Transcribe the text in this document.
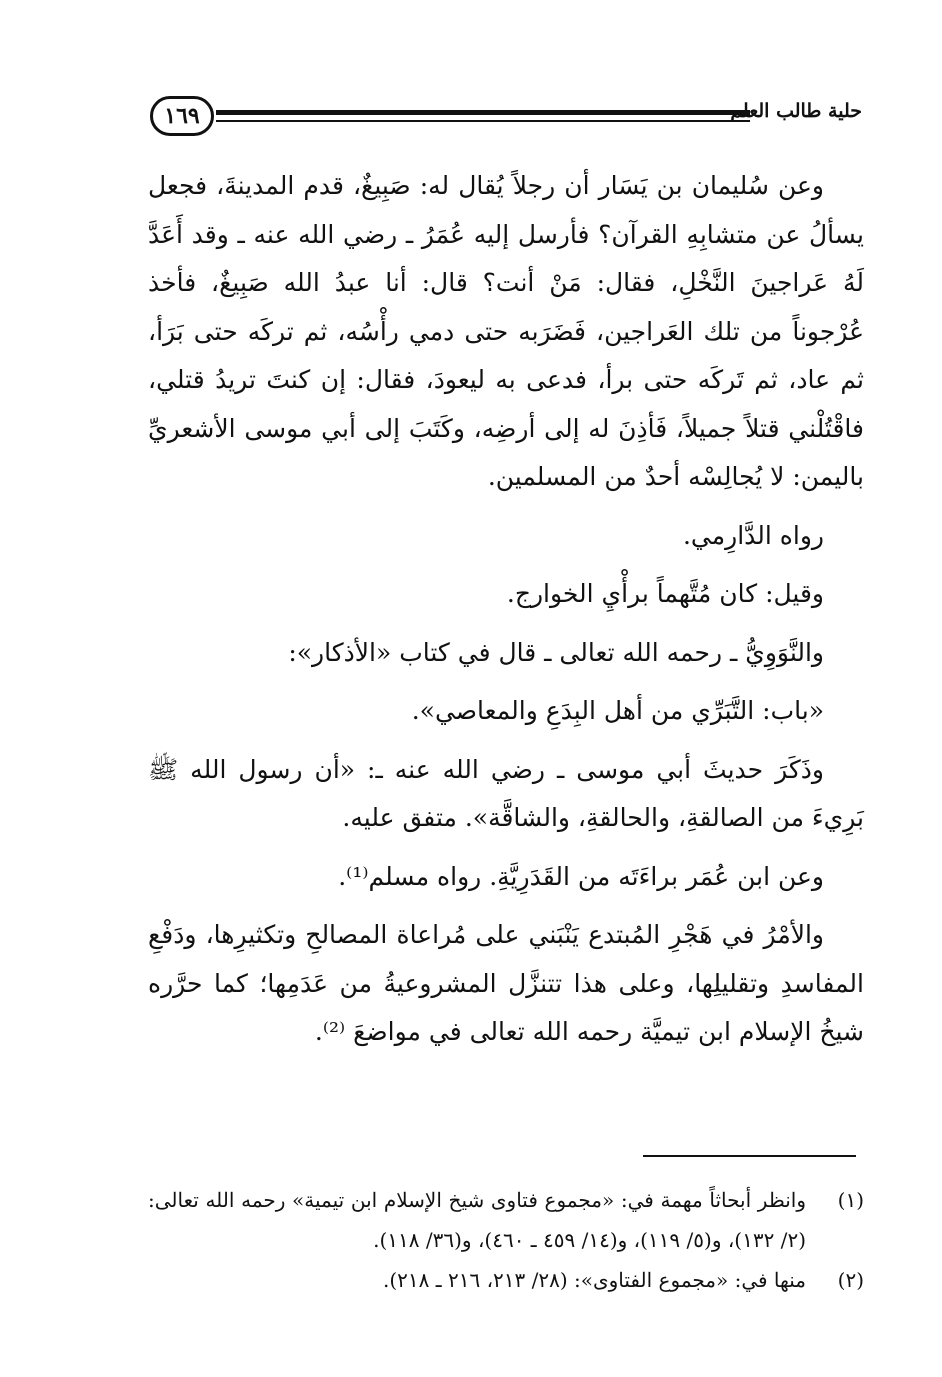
١٦٩	حلية طالب العلم

وعن سُليمان بن يَسَار أن رجلاً يُقال له: صَبِيغٌ، قدم المدينةَ، فجعل يسألُ عن متشابِهِ القرآن؟ فأرسل إليه عُمَرُ ـ رضي الله عنه ـ وقد أَعَدَّ لَهُ عَراجينَ النَّخْلِ، فقال: مَنْ أنت؟ قال: أنا عبدُ الله صَبِيغٌ، فأخذ عُرْجوناً من تلك العَراجين، فَضَرَبه حتى دمي رأْسُه، ثم تركَه حتى بَرَأ، ثم عاد، ثم تَركَه حتى برأ، فدعى به ليعودَ، فقال: إن كنتَ تريدُ قتلي، فاقْتُلْني قتلاً جميلاً، فَأذِنَ له إلى أرضِه، وكَتَبَ إلى أبي موسى الأشعريِّ باليمن: لا يُجالِسْه أحدٌ من المسلمين.

رواه الدَّارِمي.

وقيل: كان مُتَّهماً برأْيِ الخوارج.

والنَّوَوِيُّ ـ رحمه الله تعالى ـ قال في كتاب «الأذكار»:

«باب: التَّبَرِّي من أهل البِدَعِ والمعاصي».

وذَكَرَ حديثَ أبي موسى ـ رضي الله عنه ـ: «أن رسول الله ﷺ بَرِيءَ من الصالقةِ، والحالقةِ، والشاقَّة». متفق عليه.

وعن ابن عُمَر براءَتَه من القَدَرِيَّةِ. رواه مسلم⁽¹⁾.

والأمْرُ في هَجْرِ المُبتدع يَنْبَني على مُراعاة المصالحِ وتكثيرِها، ودَفْعِ المفاسدِ وتقليلِها، وعلى هذا تتنزَّل المشروعيةُ من عَدَمِها؛ كما حرَّره شيخُ الإسلام ابن تيميَّة رحمه الله تعالى في مواضعَ ⁽²⁾.

(١)
وانظر أبحاثاً مهمة في: «مجموع فتاوى شيخ الإسلام ابن تيمية» رحمه الله تعالى: (٢/ ١٣٢)، و(٥/ ١١٩)، و(١٤/ ٤٥٩ ـ ٤٦٠)، و(٣٦/ ١١٨).

(٢)
منها في: «مجموع الفتاوى»: (٢٨/ ٢١٣، ٢١٦ ـ ٢١٨).
